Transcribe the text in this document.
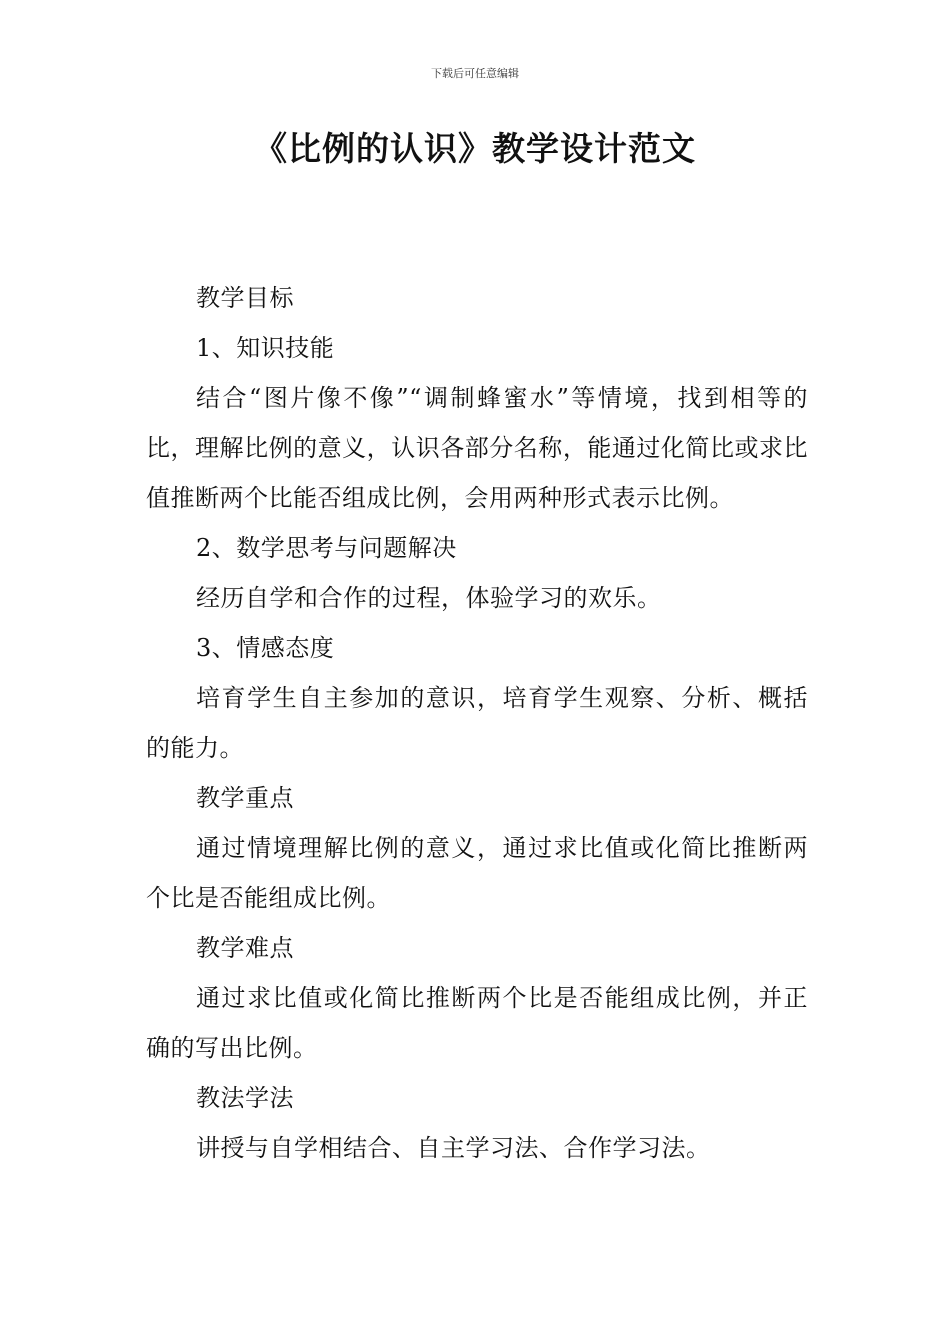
下载后可任意编辑
《比例的认识》教学设计范文

教学目标

1、知识技能

结合“图片像不像”“调制蜂蜜水”等情境，找到相等的比，理解比例的意义，认识各部分名称，能通过化简比或求比值推断两个比能否组成比例，会用两种形式表示比例。

2、数学思考与问题解决

经历自学和合作的过程，体验学习的欢乐。

3、情感态度

培育学生自主参加的意识，培育学生观察、分析、概括的能力。

教学重点

通过情境理解比例的意义，通过求比值或化简比推断两个比是否能组成比例。

教学难点

通过求比值或化简比推断两个比是否能组成比例，并正确的写出比例。

教法学法

讲授与自学相结合、自主学习法、合作学习法。
